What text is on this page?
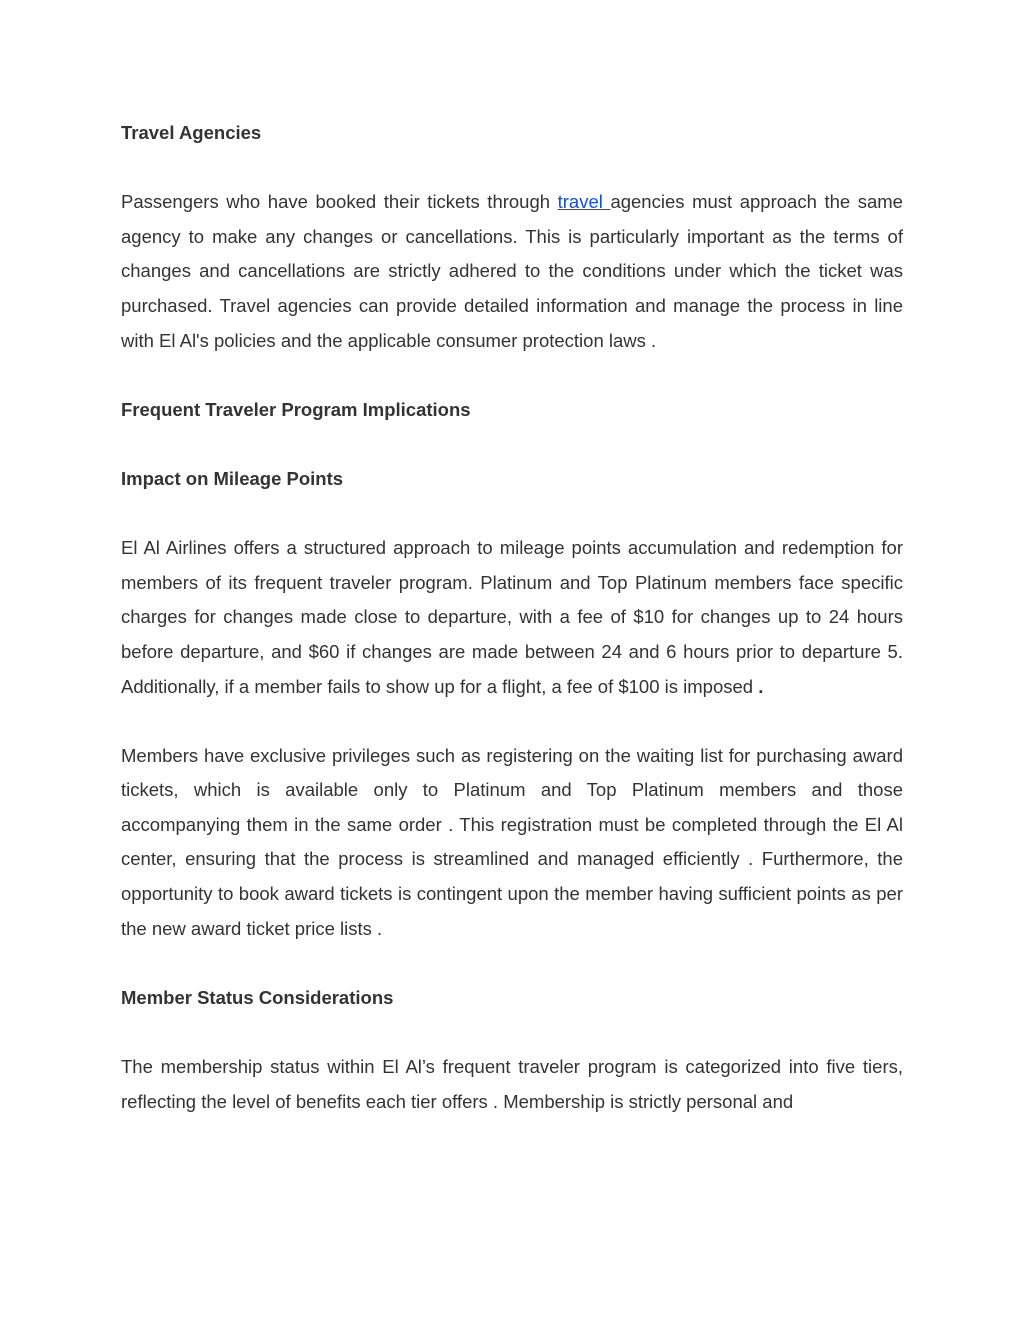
Travel Agencies

Passengers who have booked their tickets through travel agencies must approach the same agency to make any changes or cancellations. This is particularly important as the terms of changes and cancellations are strictly adhered to the conditions under which the ticket was purchased. Travel agencies can provide detailed information and manage the process in line with El Al's policies and the applicable consumer protection laws .

Frequent Traveler Program Implications

Impact on Mileage Points

El Al Airlines offers a structured approach to mileage points accumulation and redemption for members of its frequent traveler program. Platinum and Top Platinum members face specific charges for changes made close to departure, with a fee of $10 for changes up to 24 hours before departure, and $60 if changes are made between 24 and 6 hours prior to departure 5. Additionally, if a member fails to show up for a flight, a fee of $100 is imposed .

Members have exclusive privileges such as registering on the waiting list for purchasing award tickets, which is available only to Platinum and Top Platinum members and those accompanying them in the same order . This registration must be completed through the El Al center, ensuring that the process is streamlined and managed efficiently . Furthermore, the opportunity to book award tickets is contingent upon the member having sufficient points as per the new award ticket price lists .

Member Status Considerations

The membership status within El Al’s frequent traveler program is categorized into five tiers, reflecting the level of benefits each tier offers . Membership is strictly personal and
